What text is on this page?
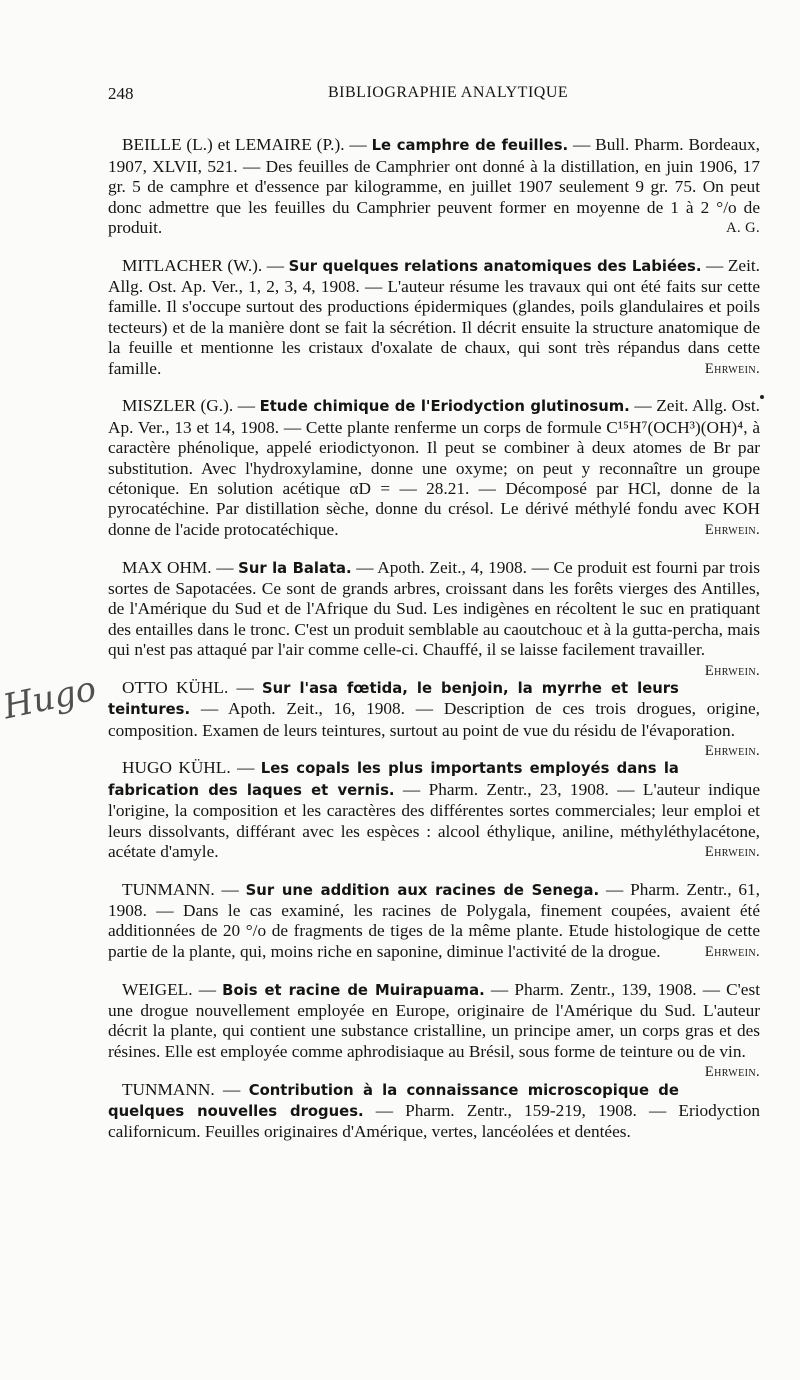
248	BIBLIOGRAPHIE ANALYTIQUE
Hugo

BEILLE (L.) et LEMAIRE (P.). — Le camphre de feuilles. — Bull. Pharm. Bordeaux, 1907, XLVII, 521. — Des feuilles de Camphrier ont donné à la distillation, en juin 1906, 17 gr. 5 de camphre et d'essence par kilogramme, en juillet 1907 seulement 9 gr. 75. On peut donc admettre que les feuilles du Camphrier peuvent former en moyenne de 1 à 2 °/o de produit.	A. G.

MITLACHER (W.). — Sur quelques relations anatomiques des Labiées. — Zeit. Allg. Ost. Ap. Ver., 1, 2, 3, 4, 1908. — L'auteur résume les travaux qui ont été faits sur cette famille. Il s'occupe surtout des productions épidermiques (glandes, poils glandulaires et poils tecteurs) et de la manière dont se fait la sécrétion. Il décrit ensuite la structure anatomique de la feuille et mentionne les cristaux d'oxalate de chaux, qui sont très répandus dans cette famille.	Ehrwein.

MISZLER (G.). — Etude chimique de l'Eriodyction glutinosum. — Zeit. Allg. Ost. Ap. Ver., 13 et 14, 1908. — Cette plante renferme un corps de formule C¹⁵H⁷(OCH³)(OH)⁴, à caractère phénolique, appelé eriodictyonon. Il peut se combiner à deux atomes de Br par substitution. Avec l'hydroxylamine, donne une oxyme; on peut y reconnaître un groupe cétonique. En solution acétique αD = — 28.21. — Décomposé par HCl, donne de la pyrocatéchine. Par distillation sèche, donne du crésol. Le dérivé méthylé fondu avec KOH donne de l'acide protocatéchique.	Ehrwein.

MAX OHM. — Sur la Balata. — Apoth. Zeit., 4, 1908. — Ce produit est fourni par trois sortes de Sapotacées. Ce sont de grands arbres, croissant dans les forêts vierges des Antilles, de l'Amérique du Sud et de l'Afrique du Sud. Les indigènes en récoltent le suc en pratiquant des entailles dans le tronc. C'est un produit semblable au caoutchouc et à la gutta-percha, mais qui n'est pas attaqué par l'air comme celle-ci. Chauffé, il se laisse facilement travailler.
Ehrwein.

OTTO KÜHL. — Sur l'asa fœtida, le benjoin, la myrrhe et leurs teintures. — Apoth. Zeit., 16, 1908. — Description de ces trois drogues, origine, composition. Examen de leurs teintures, surtout au point de vue du résidu de l'évaporation.
Ehrwein.

HUGO KÜHL. — Les copals les plus importants employés dans la fabrication des laques et vernis. — Pharm. Zentr., 23, 1908. — L'auteur indique l'origine, la composition et les caractères des différentes sortes commerciales; leur emploi et leurs dissolvants, différant avec les espèces : alcool éthylique, aniline, méthyléthylacétone, acétate d'amyle.	Ehrwein.

TUNMANN. — Sur une addition aux racines de Senega. — Pharm. Zentr., 61, 1908. — Dans le cas examiné, les racines de Polygala, finement coupées, avaient été additionnées de 20 °/o de fragments de tiges de la même plante. Etude histologique de cette partie de la plante, qui, moins riche en saponine, diminue l'activité de la drogue.	Ehrwein.

WEIGEL. — Bois et racine de Muirapuama. — Pharm. Zentr., 139, 1908. — C'est une drogue nouvellement employée en Europe, originaire de l'Amérique du Sud. L'auteur décrit la plante, qui contient une substance cristalline, un principe amer, un corps gras et des résines. Elle est employée comme aphrodisiaque au Brésil, sous forme de teinture ou de vin.
Ehrwein.

TUNMANN. — Contribution à la connaissance microscopique de quelques nouvelles drogues. — Pharm. Zentr., 159-219, 1908. — Eriodyction californicum. Feuilles originaires d'Amérique, vertes, lancéolées et dentées.
